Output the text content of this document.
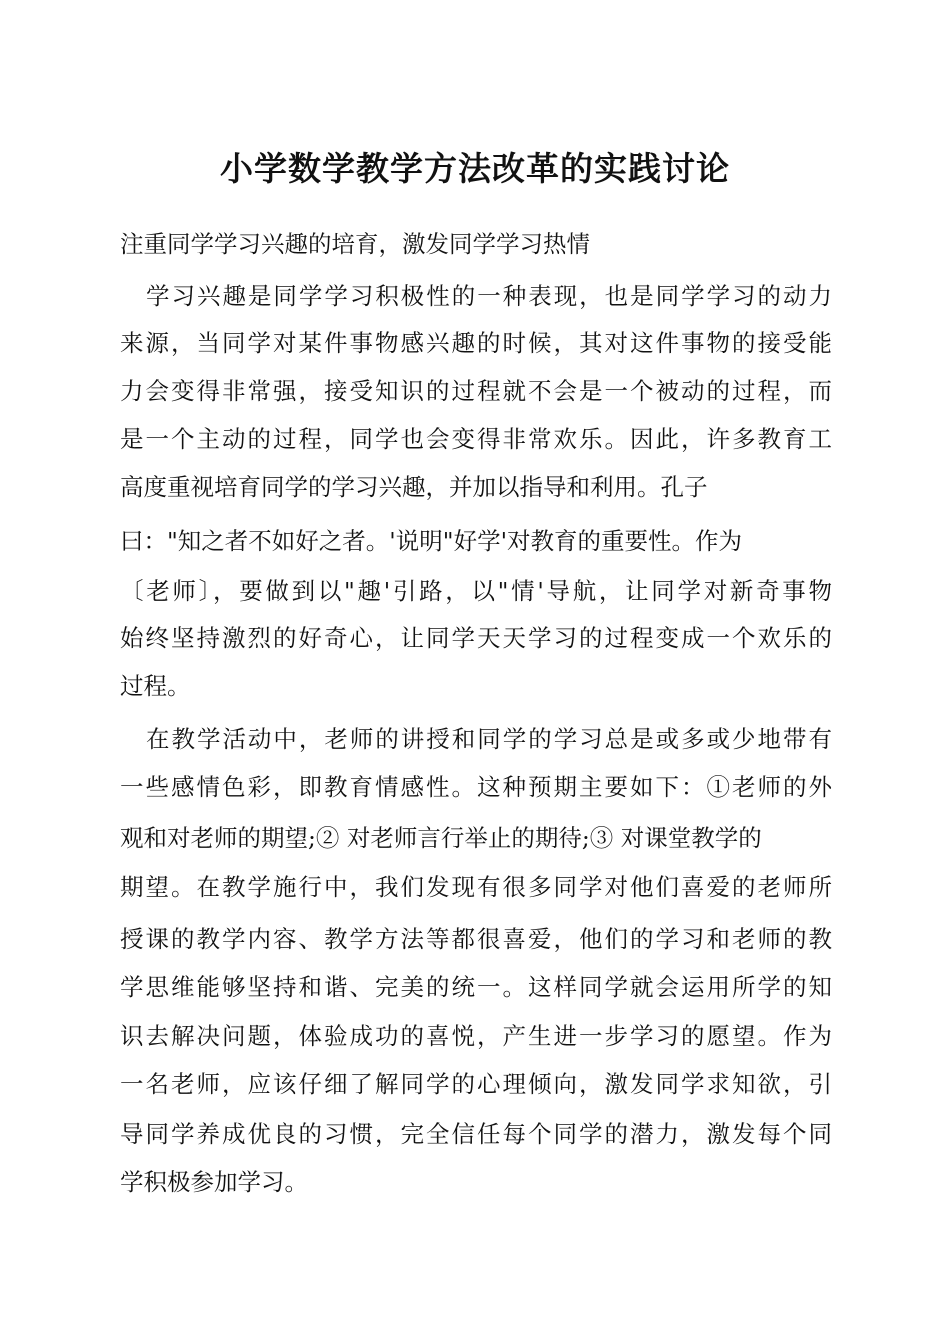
小学数学教学方法改革的实践讨论

注重同学学习兴趣的培育，激发同学学习热情

学习兴趣是同学学习积极性的一种表现，也是同学学习的动力

来源，当同学对某件事物感兴趣的时候，其对这件事物的接受能

力会变得非常强，接受知识的过程就不会是一个被动的过程，而

是一个主动的过程，同学也会变得非常欢乐。因此，许多教育工

高度重视培育同学的学习兴趣，并加以指导和利用。孔子

曰："知之者不如好之者。'说明"好学'对教育的重要性。作为

〔老师〕，要做到以"趣'引路，以"情'导航，让同学对新奇事物

始终坚持激烈的好奇心，让同学天天学习的过程变成一个欢乐的

过程。

在教学活动中，老师的讲授和同学的学习总是或多或少地带有

一些感情色彩，即教育情感性。这种预期主要如下：①老师的外

观和对老师的期望;② 对老师言行举止的期待;③ 对课堂教学的

期望。在教学施行中，我们发现有很多同学对他们喜爱的老师所

授课的教学内容、教学方法等都很喜爱，他们的学习和老师的教

学思维能够坚持和谐、完美的统一。这样同学就会运用所学的知

识去解决问题，体验成功的喜悦，产生进一步学习的愿望。作为

一名老师，应该仔细了解同学的心理倾向，激发同学求知欲，引

导同学养成优良的习惯，完全信任每个同学的潜力，激发每个同

学积极参加学习。
